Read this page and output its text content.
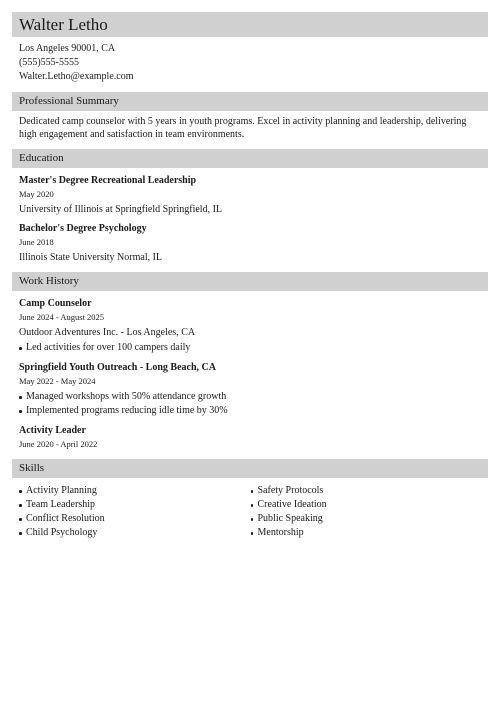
Walter Letho
Los Angeles 90001, CA
(555)555-5555
Walter.Letho@example.com
Professional Summary
Dedicated camp counselor with 5 years in youth programs. Excel in activity planning and leadership, delivering high engagement and satisfaction in team environments.
Education
Master's Degree Recreational Leadership
May 2020
University of Illinois at Springfield Springfield, IL
Bachelor's Degree Psychology
June 2018
Illinois State University Normal, IL
Work History
Camp Counselor
June 2024 - August 2025
Outdoor Adventures Inc. - Los Angeles, CA
Led activities for over 100 campers daily
Springfield Youth Outreach - Long Beach, CA
May 2022 - May 2024
Managed workshops with 50% attendance growth
Implemented programs reducing idle time by 30%
Activity Leader
June 2020 - April 2022
Skills
Activity Planning
Team Leadership
Conflict Resolution
Child Psychology
Safety Protocols
Creative Ideation
Public Speaking
Mentorship
